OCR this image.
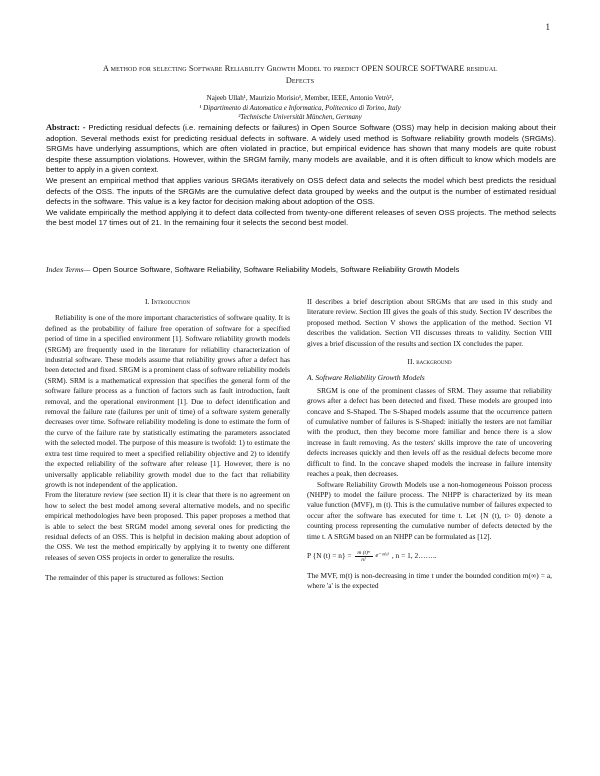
1
A method for selecting Software Reliability Growth Model to predict OPEN SOURCE SOFTWARE residual
Defects
Najeeb Ullah¹, Maurizio Morisio¹, Member, IEEE, Antonio Vetrò²,
¹ Dipartimento di Automatica e Informatica, Politecnico di Torino, Italy
²Technische Universität München, Germany

Abstract: - Predicting residual defects (i.e. remaining defects or failures) in Open Source Software (OSS) may help in decision making about their adoption. Several methods exist for predicting residual defects in software. A widely used method is Software reliability growth models (SRGMs). SRGMs have underlying assumptions, which are often violated in practice, but empirical evidence has shown that many models are quite robust despite these assumption violations. However, within the SRGM family, many models are available, and it is often difficult to know which models are better to apply in a given context.

We present an empirical method that applies various SRGMs iteratively on OSS defect data and selects the model which best predicts the residual defects of the OSS. The inputs of the SRGMs are the cumulative defect data grouped by weeks and the output is the number of estimated residual defects in the software. This value is a key factor for decision making about adoption of the OSS.

We validate empirically the method applying it to defect data collected from twenty-one different releases of seven OSS projects. The method selects the best model 17 times out of 21. In the remaining four it selects the second best model.

Index Terms— Open Source Software, Software Reliability, Software Reliability Models, Software Reliability Growth Models
I. Introduction

Reliability is one of the more important characteristics of software quality. It is defined as the probability of failure free operation of software for a specified period of time in a specified environment [1]. Software reliability growth models (SRGM) are frequently used in the literature for reliability characterization of industrial software. These models assume that reliability grows after a defect has been detected and fixed. SRGM is a prominent class of software reliability models (SRM). SRM is a mathematical expression that specifies the general form of the software failure process as a function of factors such as fault introduction, fault removal, and the operational environment [1]. Due to defect identification and removal the failure rate (failures per unit of time) of a software system generally decreases over time. Software reliability modeling is done to estimate the form of the curve of the failure rate by statistically estimating the parameters associated with the selected model. The purpose of this measure is twofold: 1) to estimate the extra test time required to meet a specified reliability objective and 2) to identify the expected reliability of the software after release [1]. However, there is no universally applicable reliability growth model due to the fact that reliability growth is not independent of the application.

From the literature review (see section II) it is clear that there is no agreement on how to select the best model among several alternative models, and no specific empirical methodologies have been proposed. This paper proposes a method that is able to select the best SRGM model among several ones for predicting the residual defects of an OSS. This is helpful in decision making about adoption of the OSS. We test the method empirically by applying it to twenty one different releases of seven OSS projects in order to generalize the results.

The remainder of this paper is structured as follows: Section

II describes a brief description about SRGMs that are used in this study and literature review. Section III gives the goals of this study. Section IV describes the proposed method. Section V shows the application of the method. Section VI describes the validation. Section VII discusses threats to validity. Section VIII gives a brief discussion of the results and section IX concludes the paper.

II. background
A. Software Reliability Growth Models

SRGM is one of the prominent classes of SRM. They assume that reliability grows after a defect has been detected and fixed. These models are grouped into concave and S-Shaped. The S-Shaped models assume that the occurrence pattern of cumulative number of failures is S-Shaped: initially the testers are not familiar with the product, then they become more familiar and hence there is a slow increase in fault removing. As the testers' skills improve the rate of uncovering defects increases quickly and then levels off as the residual defects become more difficult to find. In the concave shaped models the increase in failure intensity reaches a peak, then decreases.

Software Reliability Growth Models use a non-homogeneous Poisson process (NHPP) to model the failure process. The NHPP is characterized by its mean value function (MVF), m (t). This is the cumulative number of failures expected to occur after the software has executed for time t. Let {N (t), t> 0} denote a counting process representing the cumulative number of defects detected by the time t. A SRGM based on an NHPP can be formulated as [12].

P {N $(t) = n\} = \frac{\text{m (t)ⁿ}}{n!}$ e⁻ᵐ⁽ᵗ⁾ , n = 1, 2……..

The MVF, m(t) is non-decreasing in time t under the bounded condition m(∞) = a, where 'a' is the expected
